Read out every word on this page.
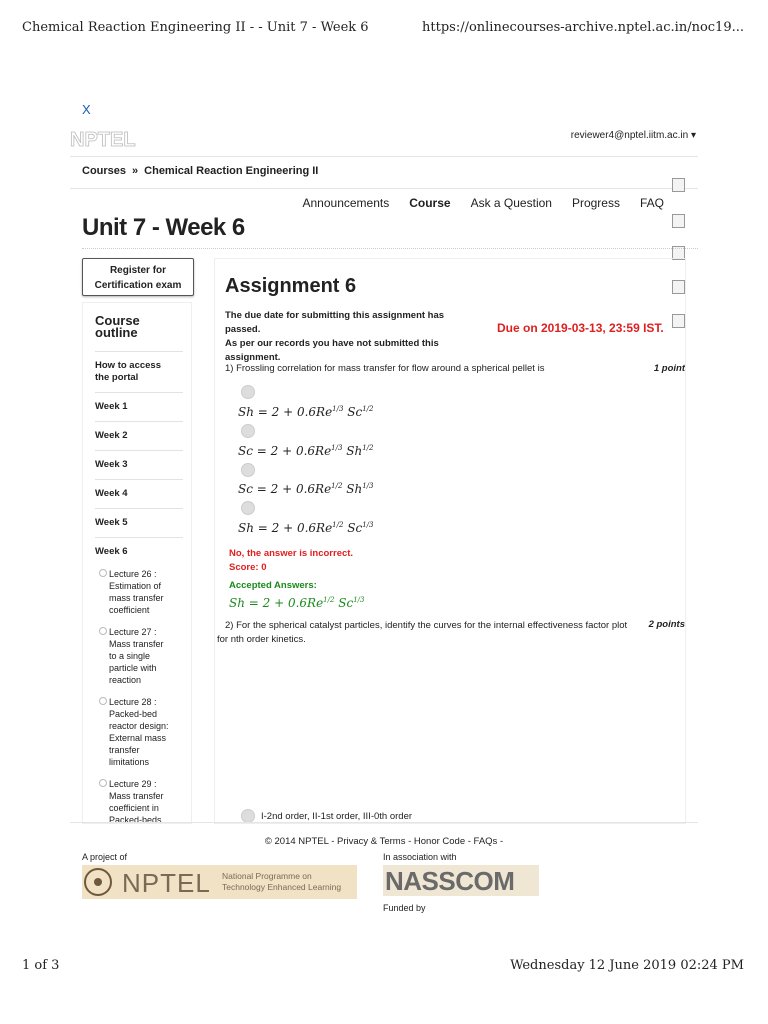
Chemical Reaction Engineering II - - Unit 7 - Week 6	https://onlinecourses-archive.nptel.ac.in/noc19...
X
NPTEL	reviewer4@nptel.iitm.ac.in ▾
Courses » Chemical Reaction Engineering II
Announcements Course Ask a Question Progress FAQ
Unit 7 - Week 6
Register for
Certification exam
Course
outline
How to access
the portal
Week 1
Week 2
Week 3
Week 4
Week 5
Week 6
Lecture 26 :
Estimation of
mass transfer
coefficient
Lecture 27 :
Mass transfer
to a single
particle with
reaction
Lecture 28 :
Packed-bed
reactor design:
External mass
transfer
limitations
Lecture 29 :
Mass transfer
coefficient in
Packed-beds
Assignment 6
The due date for submitting this assignment has passed.
As per our records you have not submitted this
assignment.
Due on 2019-03-13, 23:59 IST.
1) Frossling correlation for mass transfer for flow around a spherical pellet is	1 point
$Sh = 2 + 0.6Re^{1/3}$ $Sc^{1/2}$
$Sc = 2 + 0.6Re^{1/3}$ $Sh^{1/2}$
$Sc = 2 + 0.6Re^{1/2}$ $Sh^{1/3}$
$Sh = 2 + 0.6Re^{1/2}$ $Sc^{1/3}$
No, the answer is incorrect.
Score: 0
Accepted Answers:
$Sh = 2 + 0.6Re^{1/2}$ $Sc^{1/3}$
2) For the spherical catalyst particles, identify the curves for the internal effectiveness factor plot for nth order kinetics.
2 points
I-2nd order, II-1st order, III-0th order
© 2014 NPTEL - Privacy & Terms - Honor Code - FAQs -
A project of	In association with
NPTEL National Programme on
Technology Enhanced Learning NASSCOM
Funded by
1 of 3	Wednesday 12 June 2019 02:24 PM
